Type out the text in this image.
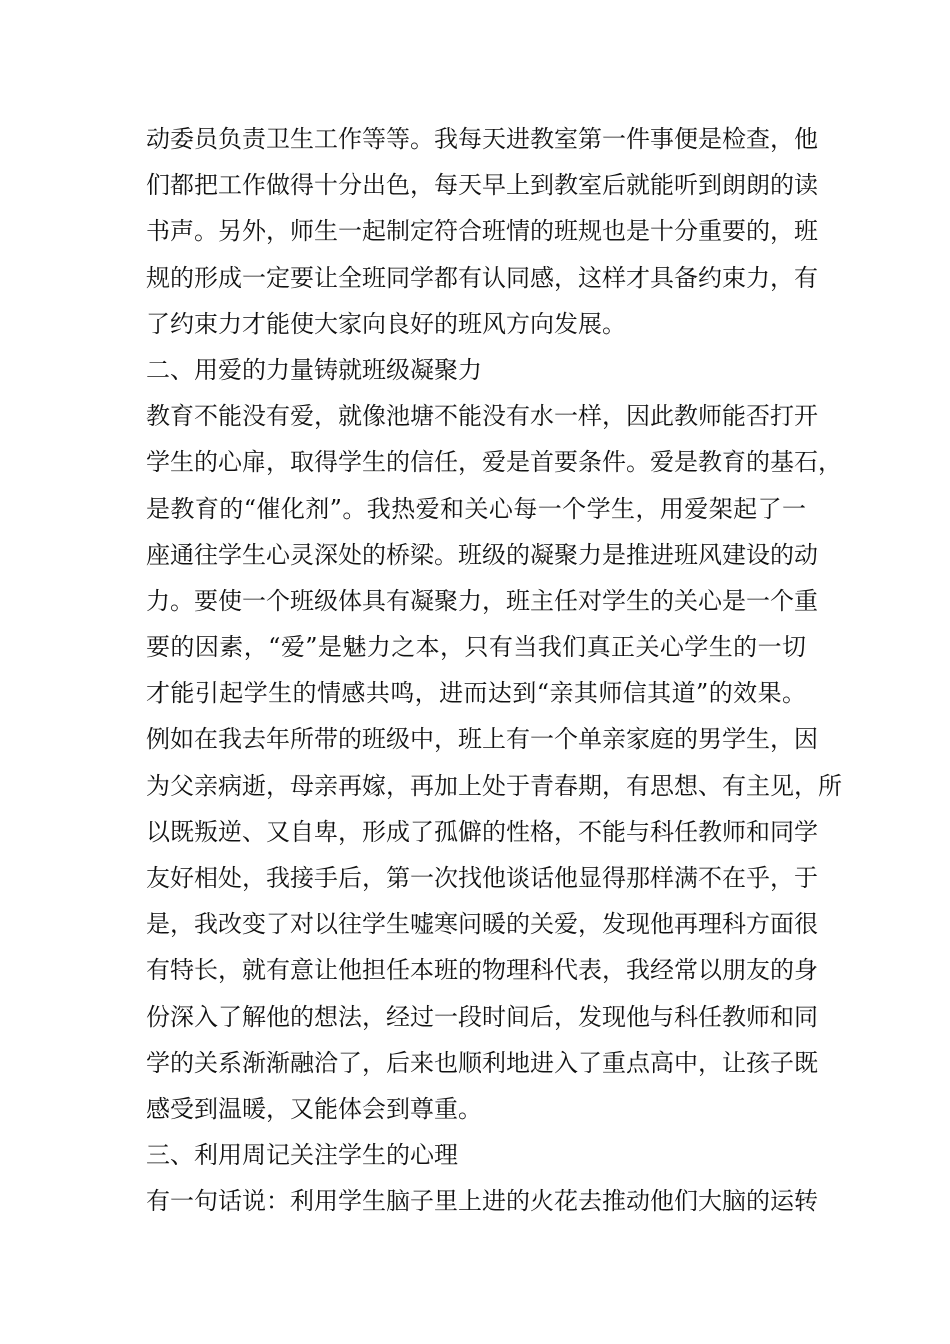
动委员负责卫生工作等等。我每天进教室第一件事便是检查，他
们都把工作做得十分出色，每天早上到教室后就能听到朗朗的读
书声。另外，师生一起制定符合班情的班规也是十分重要的，班
规的形成一定要让全班同学都有认同感，这样才具备约束力，有
了约束力才能使大家向良好的班风方向发展。
二、用爱的力量铸就班级凝聚力
教育不能没有爱，就像池塘不能没有水一样，因此教师能否打开
学生的心扉，取得学生的信任，爱是首要条件。爱是教育的基石，
是教育的“催化剂”。我热爱和关心每一个学生，用爱架起了一
座通往学生心灵深处的桥梁。班级的凝聚力是推进班风建设的动
力。要使一个班级体具有凝聚力，班主任对学生的关心是一个重
要的因素，“爱”是魅力之本，只有当我们真正关心学生的一切
才能引起学生的情感共鸣，进而达到“亲其师信其道”的效果。
例如在我去年所带的班级中，班上有一个单亲家庭的男学生，因
为父亲病逝，母亲再嫁，再加上处于青春期，有思想、有主见，所
以既叛逆、又自卑，形成了孤僻的性格，不能与科任教师和同学
友好相处，我接手后，第一次找他谈话他显得那样满不在乎，于
是，我改变了对以往学生嘘寒问暖的关爱，发现他再理科方面很
有特长，就有意让他担任本班的物理科代表，我经常以朋友的身
份深入了解他的想法，经过一段时间后，发现他与科任教师和同
学的关系渐渐融洽了，后来也顺利地进入了重点高中，让孩子既
感受到温暖，又能体会到尊重。
三、利用周记关注学生的心理
有一句话说：利用学生脑子里上进的火花去推动他们大脑的运转
